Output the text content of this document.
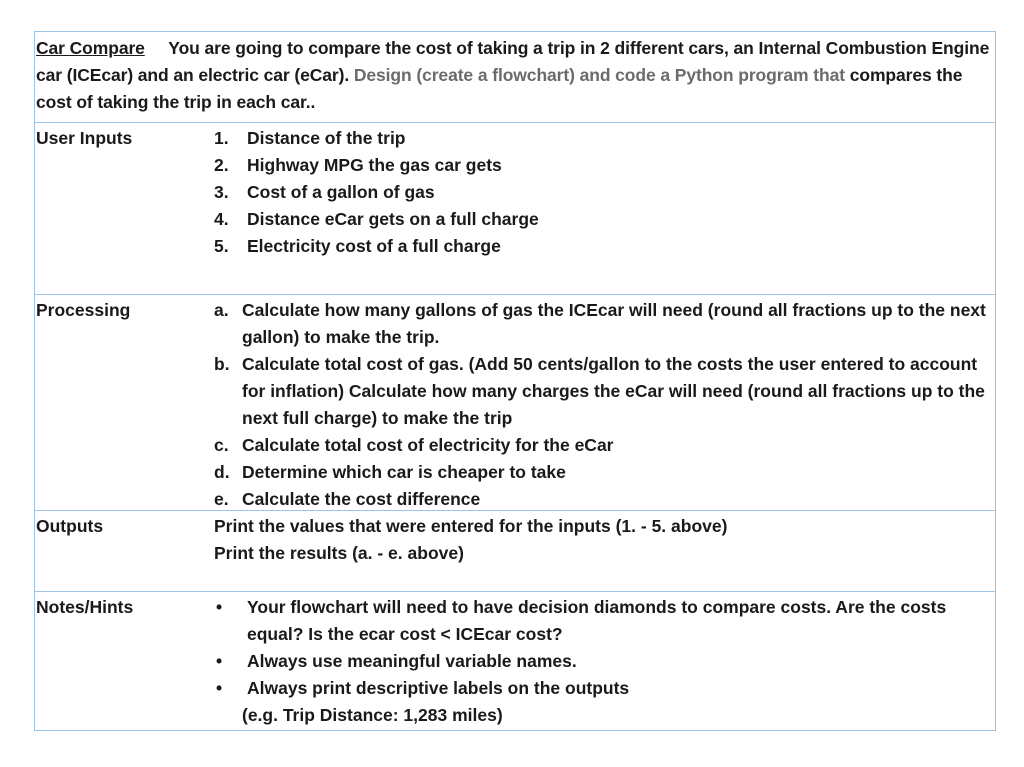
Car Compare You are going to compare the cost of taking a trip in 2 different cars, an Internal Combustion Engine car (ICEcar) and an electric car (eCar). Design (create a flowchart) and code a Python program that compares the cost of taking the trip in each car..
User Inputs	1.	Distance of the trip
2.	Highway MPG the gas car gets
3.	Cost of a gallon of gas
4.	Distance eCar gets on a full charge
5.	Electricity cost of a full charge
Processing	a. Calculate how many gallons of gas the ICEcar will need (round all fractions up to the next gallon) to make the trip.
b. Calculate total cost of gas. (Add 50 cents/gallon to the costs the user entered to account for inflation) Calculate how many charges the eCar will need (round all fractions up to the next full charge) to make the trip
c. Calculate total cost of electricity for the eCar
d. Determine which car is cheaper to take
e. Calculate the cost difference
Outputs	Print the values that were entered for the inputs (1. - 5. above)
Print the results (a. - e. above)
Notes/Hints	•	Your flowchart will need to have decision diamonds to compare costs. Are the costs equal? Is the ecar cost < ICEcar cost?
•	Always use meaningful variable names.
•	Always print descriptive labels on the outputs
(e.g. Trip Distance: 1,283 miles)
